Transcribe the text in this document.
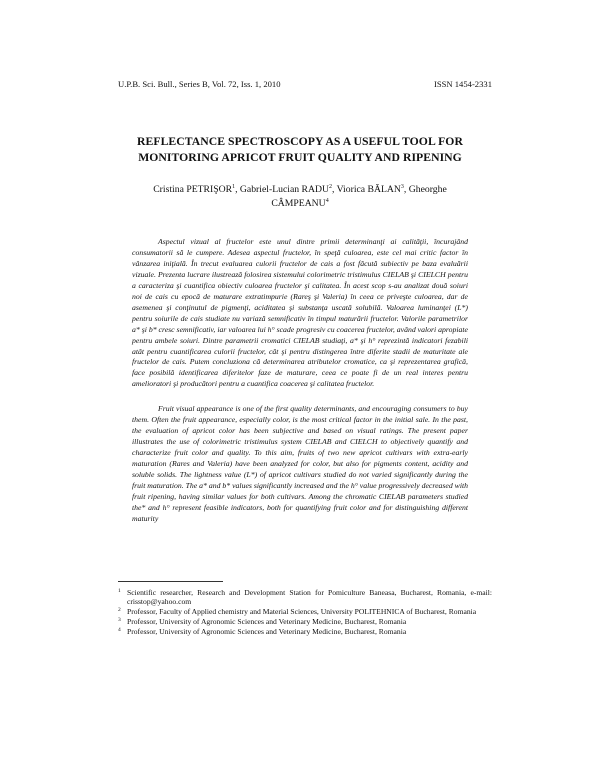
U.P.B. Sci. Bull., Series B, Vol. 72, Iss. 1, 2010	ISSN 1454-2331
REFLECTANCE SPECTROSCOPY AS A USEFUL TOOL FOR
MONITORING APRICOT FRUIT QUALITY AND RIPENING
Cristina PETRIŞOR$^1$, Gabriel-Lucian RADU$^2$, Viorica BĂLAN$^3$, Gheorghe CÂMPEANU$^4$

Aspectul vizual al fructelor este unul dintre primii determinanţi ai calităţii, încurajând consumatorii să le cumpere. Adesea aspectul fructelor, în speţă culoarea, este cel mai critic factor în vânzarea iniţială. În trecut evaluarea culorii fructelor de cais a fost făcută subiectiv pe baza evaluării vizuale. Prezenta lucrare ilustrează folosirea sistemului colorimetric tristimulus CIELAB şi CIELCH pentru a caracteriza şi cuantifica obiectiv culoarea fructelor şi calitatea. În acest scop s-au analizat două soiuri noi de cais cu epocă de maturare extratimpurie (Rareş şi Valeria) în ceea ce priveşte culoarea, dar de asemenea şi conţinutul de pigmenţi, aciditatea şi substanţa uscată solubilă. Valoarea luminanţei (L*) pentru soiurile de cais studiate nu variază semnificativ în timpul maturării fructelor. Valorile parametrilor a* şi b* cresc semnificativ, iar valoarea lui h° scade progresiv cu coacerea fructelor, având valori apropiate pentru ambele soiuri. Dintre parametrii cromatici CIELAB studiaţi, a* şi h° reprezintă indicatori fezabili atât pentru cuantificarea culorii fructelor, cât şi pentru distingerea între diferite stadii de maturitate ale fructelor de cais. Putem concluziona că determinarea atributelor cromatice, ca şi reprezentarea grafică, face posibilă identificarea diferitelor faze de maturare, ceea ce poate fi de un real interes pentru amelioratori şi producători pentru a cuantifica coacerea şi calitatea fructelor.

Fruit visual appearance is one of the first quality determinants, and encouraging consumers to buy them. Often the fruit appearance, especially color, is the most critical factor in the initial sale. In the past, the evaluation of apricot color has been subjective and based on visual ratings. The present paper illustrates the use of colorimetric tristimulus system CIELAB and CIELCH to objectively quantify and characterize fruit color and quality. To this aim, fruits of two new apricot cultivars with extra-early maturation (Rares and Valeria) have been analyzed for color, but also for pigments content, acidity and soluble solids. The lightness value (L*) of apricot cultivars studied do not varied significantly during the fruit maturation. The a* and b* values significantly increased and the h° value progressively decreased with fruit ripening, having similar values for both cultivars. Among the chromatic CIELAB parameters studied the* and h° represent feasible indicators, both for quantifying fruit color and for distinguishing different maturity

1 Scientific researcher, Research and Development Station for Pomiculture Baneasa, Bucharest, Romania, e-mail: crisstop@yahoo.com
2 Professor, Faculty of Applied chemistry and Material Sciences, University POLITEHNICA of Bucharest, Romania
3 Professor, University of Agronomic Sciences and Veterinary Medicine, Bucharest, Romania
4 Professor, University of Agronomic Sciences and Veterinary Medicine, Bucharest, Romania
